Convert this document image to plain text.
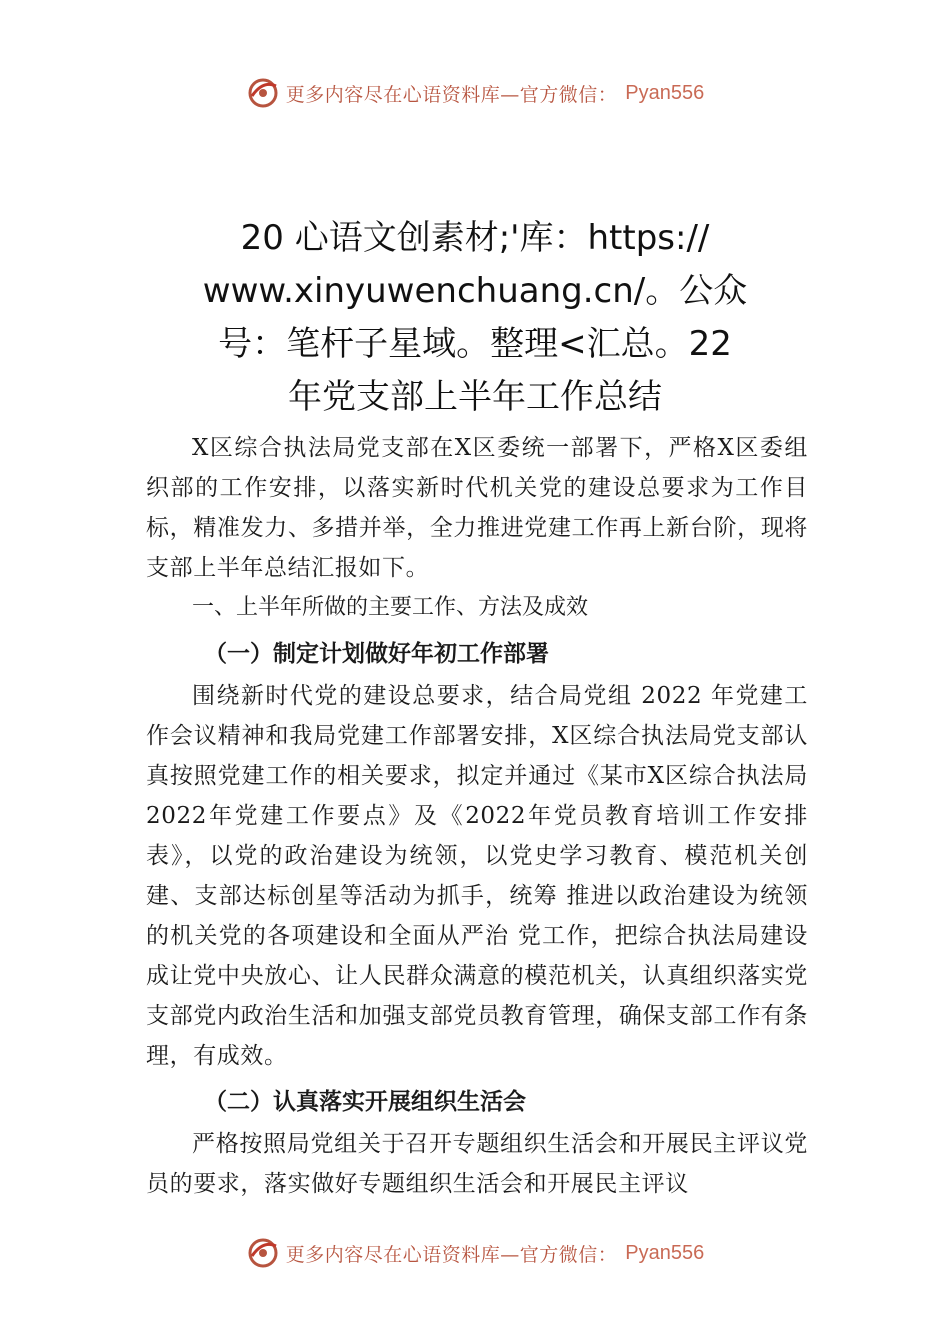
更多内容尽在心语资料库—官方微信： Pyan556
20 心语文创素材;'库：https://
www.xinyuwenchuang.cn/。公众
号：笔杆子星域。整理<汇总。22
年党支部上半年工作总结

X区综合执法局党支部在X区委统一部署下，严格X区委组织部的工作安排，以落实新时代机关党的建设总要求为工作目标，精准发力、多措并举，全力推进党建工作再上新台阶，现将支部上半年总结汇报如下。

一、上半年所做的主要工作、方法及成效

（一）制定计划做好年初工作部署

围绕新时代党的建设总要求，结合局党组 2022 年党建工作会议精神和我局党建工作部署安排，X区综合执法局党支部认真按照党建工作的相关要求，拟定并通过《某市X区综合执法局 2022年党建工作要点》及《2022年党员教育培训工作安排表》，以党的政治建设为统领，以党史学习教育、模范机关创建、支部达标创星等活动为抓手，统筹 推进以政治建设为统领的机关党的各项建设和全面从严治 党工作，把综合执法局建设成让党中央放心、让人民群众满意的模范机关，认真组织落实党支部党内政治生活和加强支部党员教育管理，确保支部工作有条理，有成效。

（二）认真落实开展组织生活会

严格按照局党组关于召开专题组织生活会和开展民主评议党员的要求，落实做好专题组织生活会和开展民主评议

更多内容尽在心语资料库—官方微信： Pyan556
